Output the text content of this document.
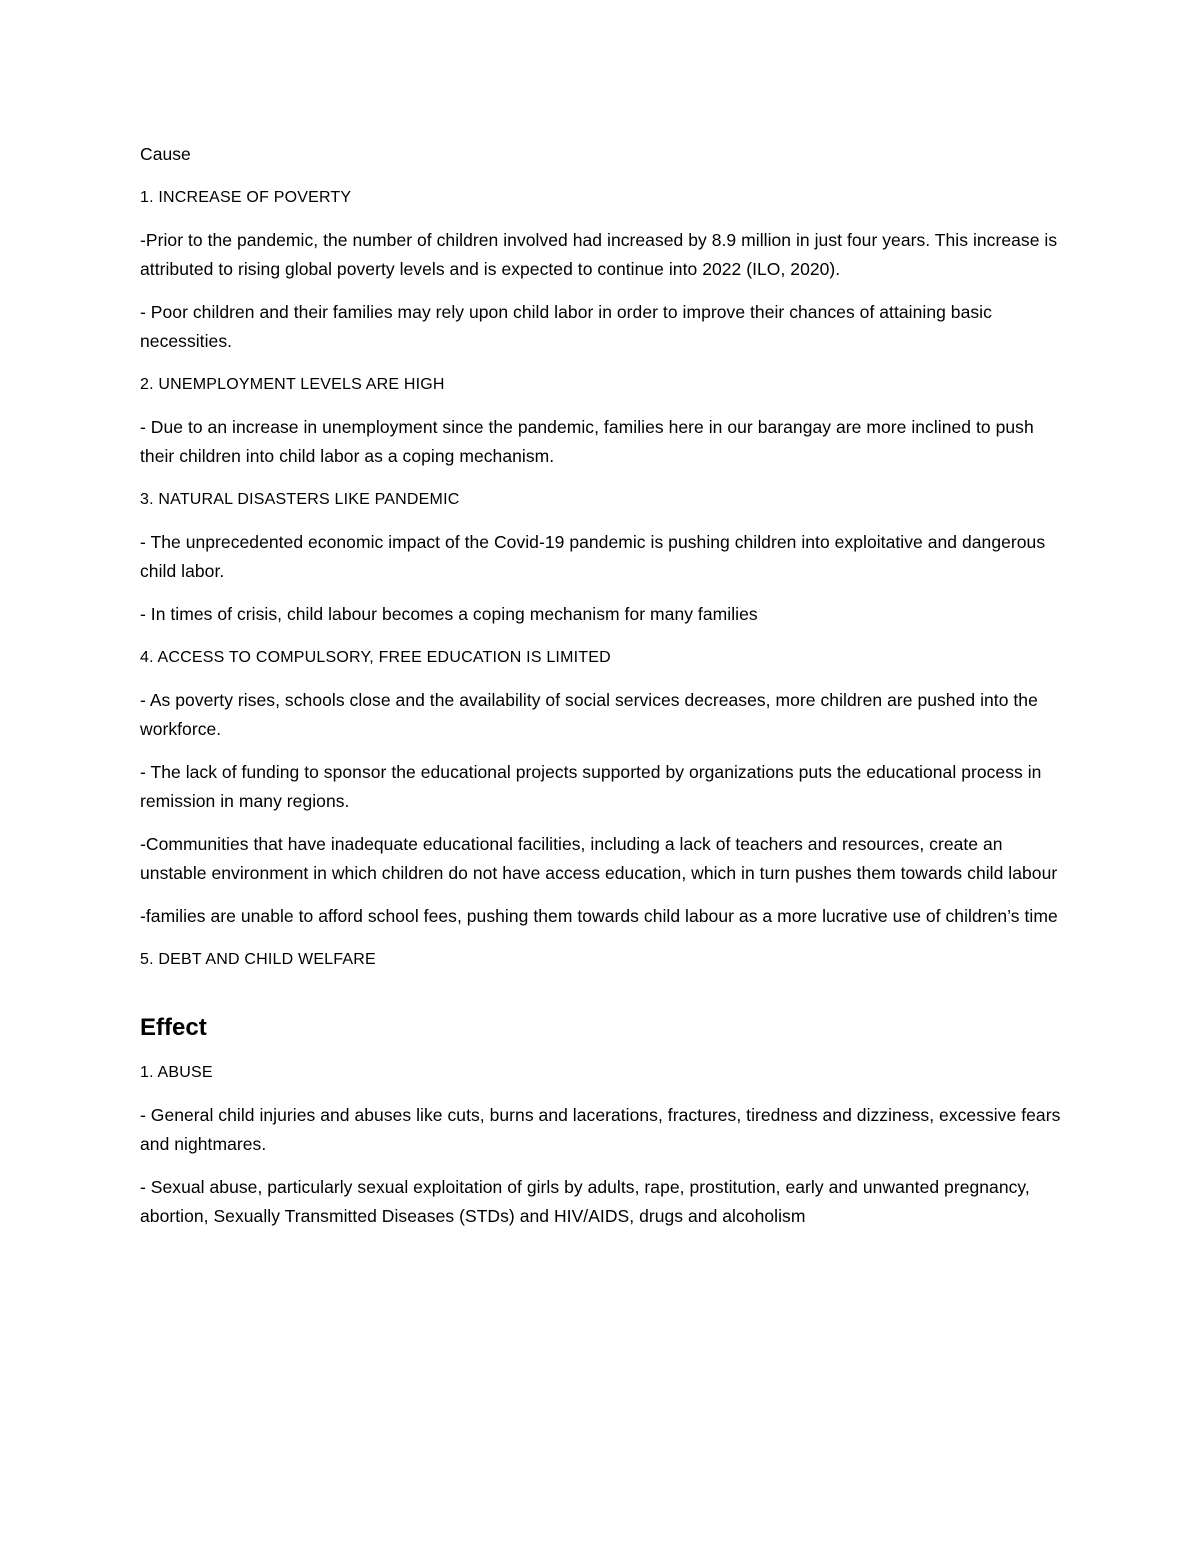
Cause
1. INCREASE OF POVERTY
-Prior to the pandemic, the number of children involved had increased by 8.9 million in just four years. This increase is attributed to rising global poverty levels and is expected to continue into 2022 (ILO, 2020).
- Poor children and their families may rely upon child labor in order to improve their chances of attaining basic necessities.
2. UNEMPLOYMENT LEVELS ARE HIGH
- Due to an increase in unemployment since the pandemic, families here in our barangay are more inclined to push their children into child labor as a coping mechanism.
3. NATURAL DISASTERS LIKE PANDEMIC
- The unprecedented economic impact of the Covid-19 pandemic is pushing children into exploitative and dangerous child labor.
- In times of crisis, child labour becomes a coping mechanism for many families
4. ACCESS TO COMPULSORY, FREE EDUCATION IS LIMITED
- As poverty rises, schools close and the availability of social services decreases, more children are pushed into the workforce.
- The lack of funding to sponsor the educational projects supported by organizations puts the educational process in remission in many regions.
-Communities that have inadequate educational facilities, including a lack of teachers and resources, create an unstable environment in which children do not have access education, which in turn pushes them towards child labour
-families are unable to afford school fees, pushing them towards child labour as a more lucrative use of children’s time
5. DEBT AND CHILD WELFARE
Effect
1. ABUSE
- General child injuries and abuses like cuts, burns and lacerations, fractures, tiredness and dizziness, excessive fears and nightmares.
- Sexual abuse, particularly sexual exploitation of girls by adults, rape, prostitution, early and unwanted pregnancy, abortion, Sexually Transmitted Diseases (STDs) and HIV/AIDS, drugs and alcoholism
